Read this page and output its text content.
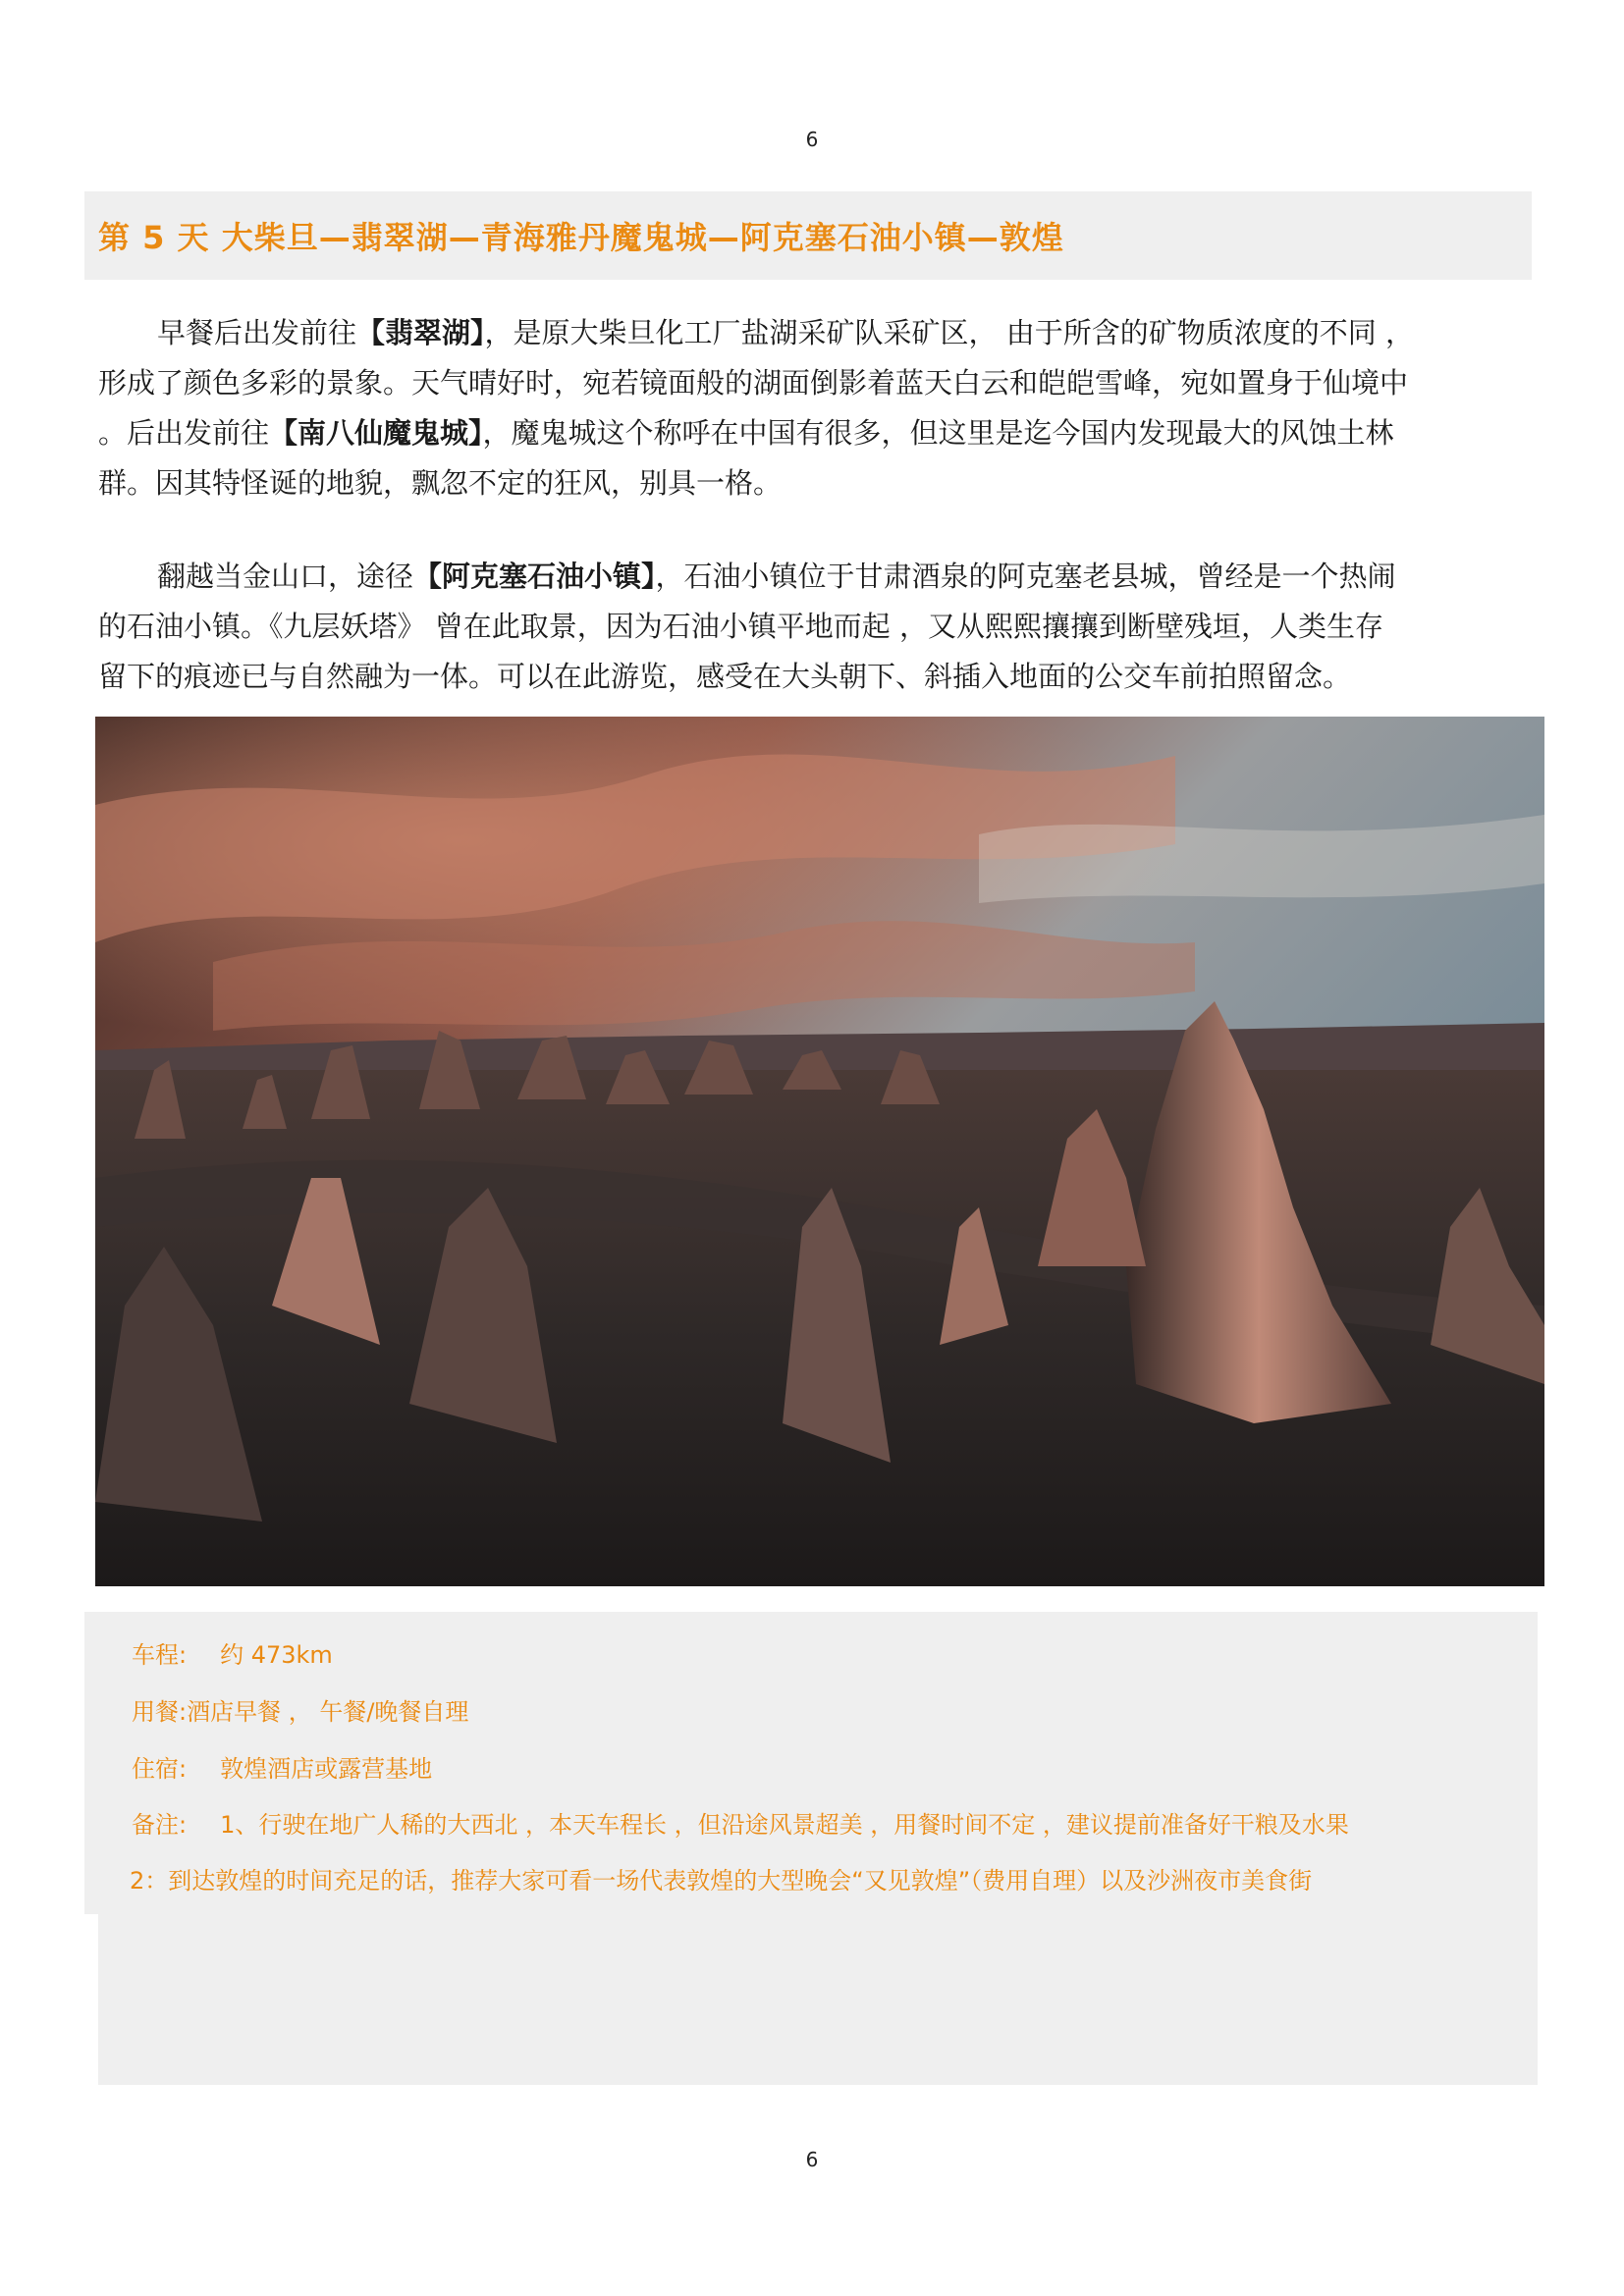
6
第 5 天 大柴旦—翡翠湖—青海雅丹魔鬼城—阿克塞石油小镇—敦煌
早餐后出发前往【翡翠湖】，是原大柴旦化工厂盐湖采矿队采矿区， 由于所含的矿物质浓度的不同 ，
形成了颜色多彩的景象。天气晴好时，宛若镜面般的湖面倒影着蓝天白云和皑皑雪峰，宛如置身于仙境中
。后出发前往【南八仙魔鬼城】，魔鬼城这个称呼在中国有很多，但这里是迄今国内发现最大的风蚀土林
群。因其特怪诞的地貌，飘忽不定的狂风，别具一格。
翻越当金山口，途径【阿克塞石油小镇】，石油小镇位于甘肃酒泉的阿克塞老县城，曾经是一个热闹
的石油小镇。《九层妖塔》 曾在此取景，因为石油小镇平地而起 ，又从熙熙攘攘到断壁残垣，人类生存
留下的痕迹已与自然融为一体。可以在此游览，感受在大头朝下、斜插入地面的公交车前拍照留念。
车程: 约 473km
用餐:酒店早餐 ， 午餐/晚餐自理
住宿: 敦煌酒店或露营基地
备注: 1、行驶在地广人稀的大西北 ，本天车程长 ，但沿途风景超美 ，用餐时间不定 ，建议提前准备好干粮及水果
2：到达敦煌的时间充足的话，推荐大家可看一场代表敦煌的大型晚会“又见敦煌”（费用自理）以及沙洲夜市美食街
6
